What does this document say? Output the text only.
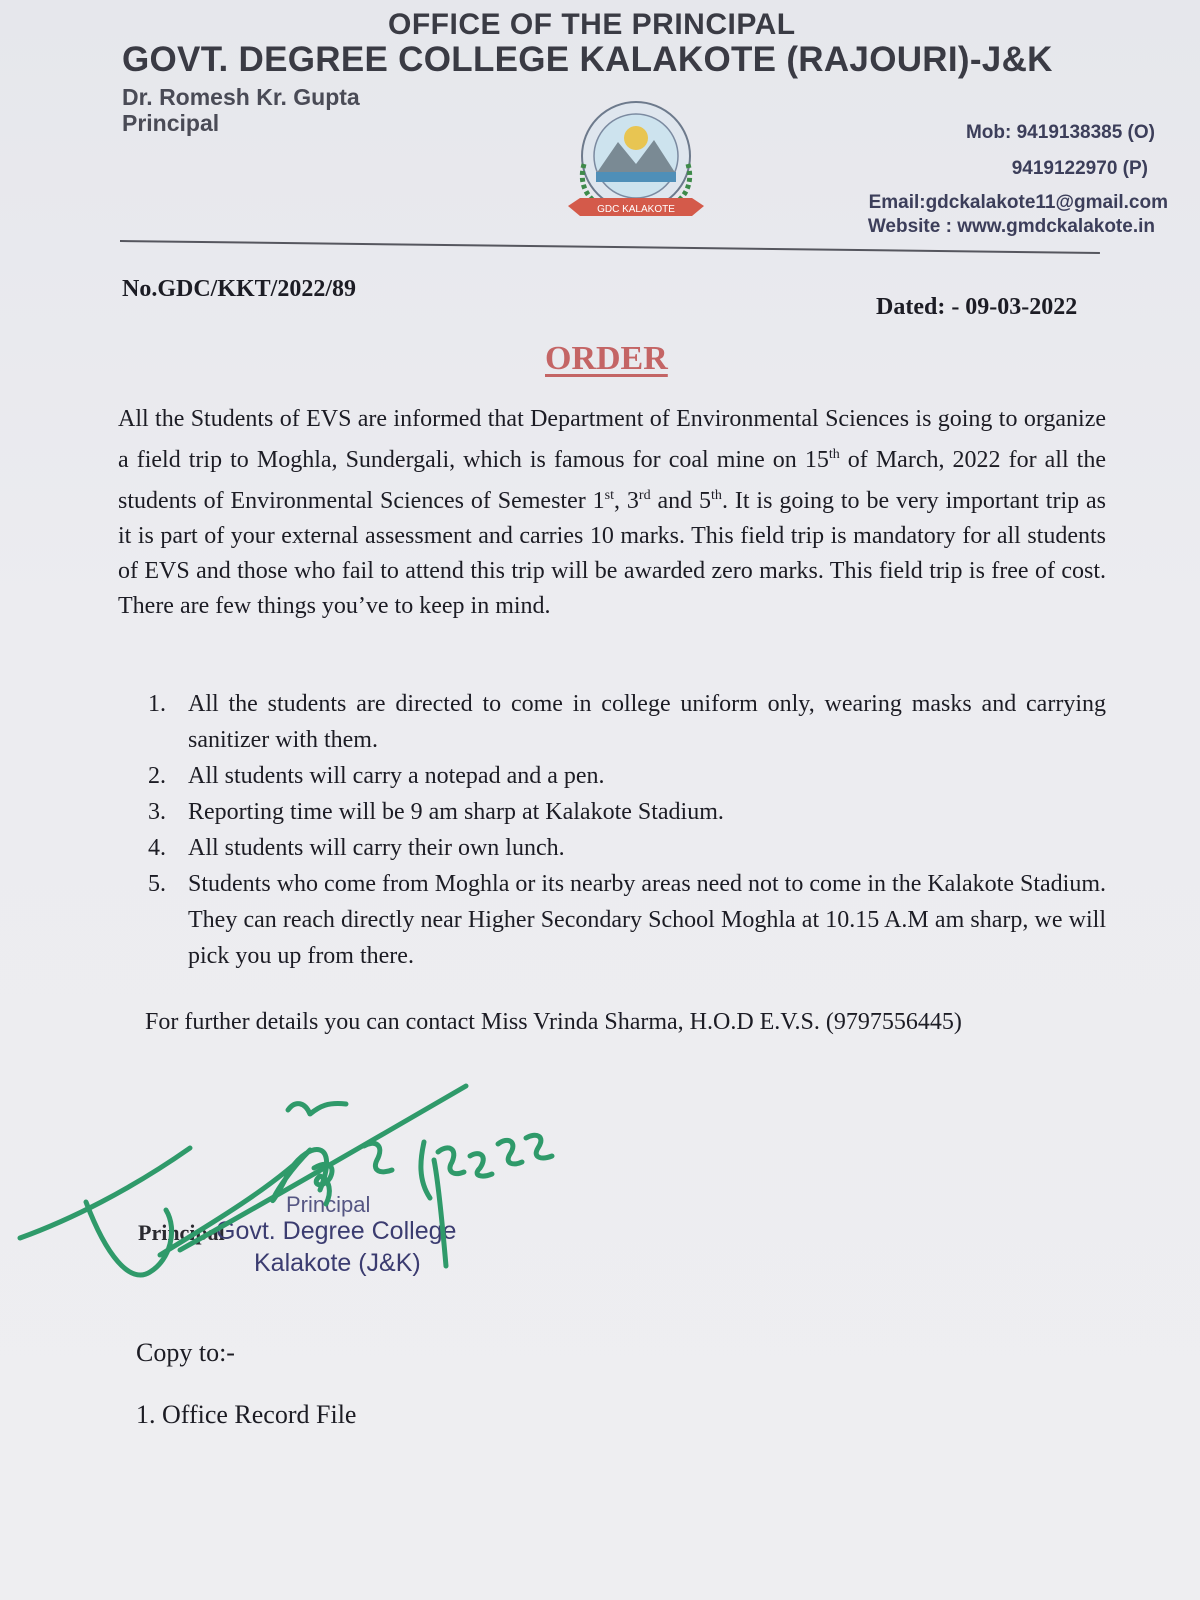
OFFICE OF THE PRINCIPAL
GOVT. DEGREE COLLEGE KALAKOTE (RAJOURI)-J&K
Dr. Romesh Kr. Gupta
Principal
GDC KALAKOTE
Mob: 9419138385 (O)
9419122970 (P)
Email:gdckalakote11@gmail.com
Website : www.gmdckalakote.in
No.GDC/KKT/2022/89
Dated: - 09-03-2022
ORDER
All the Students of EVS are informed that Department of Environmental Sciences is going to organize a field trip to Moghla, Sundergali, which is famous for coal mine on 15th of March, 2022 for all the students of Environmental Sciences of Semester 1st, 3rd and 5th. It is going to be very important trip as it is part of your external assessment and carries 10 marks. This field trip is mandatory for all students of EVS and those who fail to attend this trip will be awarded zero marks. This field trip is free of cost. There are few things you’ve to keep in mind.
1. All the students are directed to come in college uniform only, wearing masks and carrying sanitizer with them.
2. All students will carry a notepad and a pen.
3. Reporting time will be 9 am sharp at Kalakote Stadium.
4. All students will carry their own lunch.
5. Students who come from Moghla or its nearby areas need not to come in the Kalakote Stadium. They can reach directly near Higher Secondary School Moghla at 10.15 A.M am sharp, we will pick you up from there.
For further details you can contact Miss Vrinda Sharma, H.O.D E.V.S. (9797556445)
Principal
Principal
Govt. Degree College
Kalakote (J&K)
Copy to:-
1. Office Record File
